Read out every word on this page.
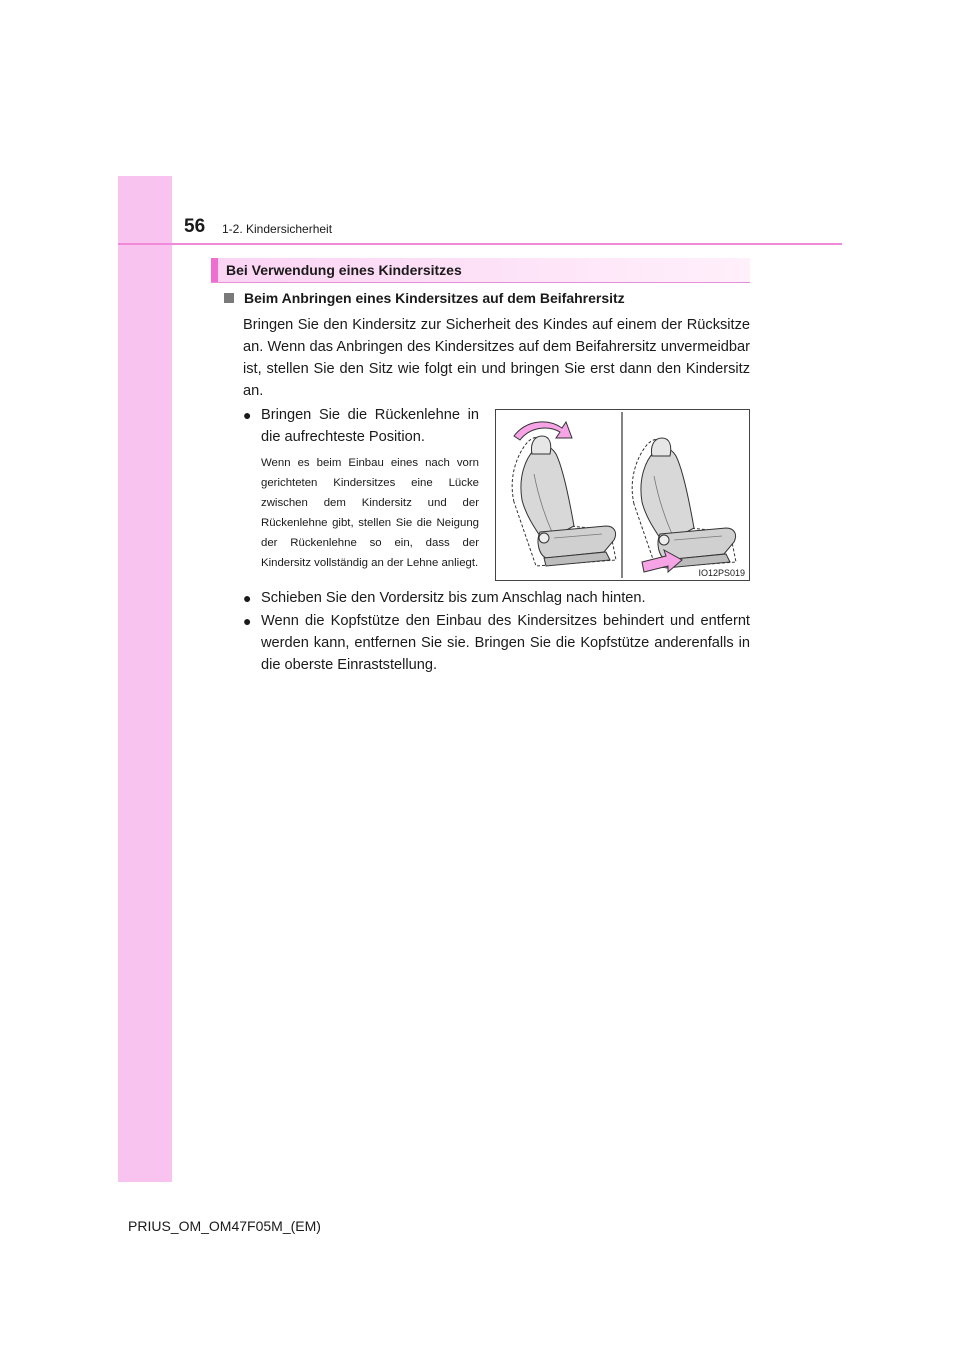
56 1-2. Kindersicherheit
Bei Verwendung eines Kindersitzes
Beim Anbringen eines Kindersitzes auf dem Beifahrersitz

Bringen Sie den Kindersitz zur Sicherheit des Kindes auf einem der Rücksitze an. Wenn das Anbringen des Kindersitzes auf dem Beifahrersitz unvermeidbar ist, stellen Sie den Sitz wie folgt ein und bringen Sie erst dann den Kindersitz an.

● Bringen Sie die Rückenlehne in die aufrechteste Position.

Wenn es beim Einbau eines nach vorn gerichteten Kindersitzes eine Lücke zwischen dem Kindersitz und der Rückenlehne gibt, stellen Sie die Neigung der Rückenlehne so ein, dass der Kindersitz vollständig an der Lehne anliegt.

IO12PS019
● Schieben Sie den Vordersitz bis zum Anschlag nach hinten.
● Wenn die Kopfstütze den Einbau des Kindersitzes behindert und entfernt werden kann, entfernen Sie sie. Bringen Sie die Kopfstütze anderenfalls in die oberste Einraststellung.
PRIUS_OM_OM47F05M_(EM)
